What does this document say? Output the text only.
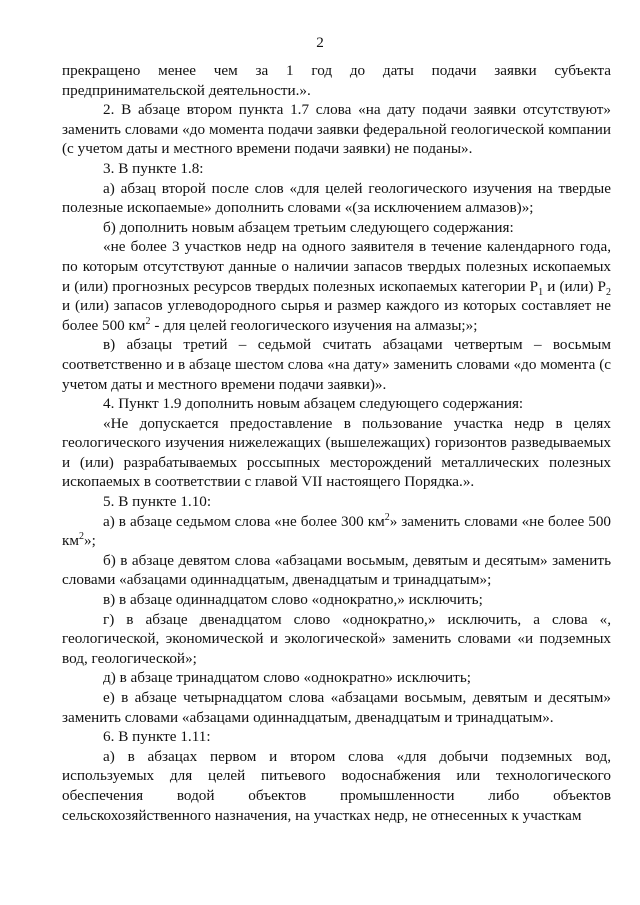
2

прекращено менее чем за 1 год до даты подачи заявки субъекта предпринимательской деятельности.».

2. В абзаце втором пункта 1.7 слова «на дату подачи заявки отсутствуют» заменить словами «до момента подачи заявки федеральной геологической компании (с учетом даты и местного времени подачи заявки) не поданы».

3. В пункте 1.8:

а) абзац второй после слов «для целей геологического изучения на твердые полезные ископаемые» дополнить словами «(за исключением алмазов)»;

б) дополнить новым абзацем третьим следующего содержания:

«не более 3 участков недр на одного заявителя в течение календарного года, по которым отсутствуют данные о наличии запасов твердых полезных ископаемых и (или) прогнозных ресурсов твердых полезных ископаемых категории $P_1$ и (или) $P_2$ и (или) запасов углеводородного сырья и размер каждого из которых составляет не более 500 $км^2$ - для целей геологического изучения на алмазы;»;

в) абзацы третий – седьмой считать абзацами четвертым – восьмым соответственно и в абзаце шестом слова «на дату» заменить словами «до момента (с учетом даты и местного времени подачи заявки)».

4. Пункт 1.9 дополнить новым абзацем следующего содержания:

«Не допускается предоставление в пользование участка недр в целях геологического изучения нижележащих (вышележащих) горизонтов разведываемых и (или) разрабатываемых россыпных месторождений металлических полезных ископаемых в соответствии с главой VII настоящего Порядка.».

5. В пункте 1.10:

а) в абзаце седьмом слова «не более 300 $км^2$» заменить словами «не более 500 $км^2$»;

б) в абзаце девятом слова «абзацами восьмым, девятым и десятым» заменить словами «абзацами одиннадцатым, двенадцатым и тринадцатым»;

в) в абзаце одиннадцатом слово «однократно,» исключить;

г) в абзаце двенадцатом слово «однократно,» исключить, а слова «, геологической, экономической и экологической» заменить словами «и подземных вод, геологической»;

д) в абзаце тринадцатом слово «однократно» исключить;

е) в абзаце четырнадцатом слова «абзацами восьмым, девятым и десятым» заменить словами «абзацами одиннадцатым, двенадцатым и тринадцатым».

6. В пункте 1.11:

а) в абзацах первом и втором слова «для добычи подземных вод, используемых для целей питьевого водоснабжения или технологического обеспечения водой объектов промышленности либо объектов сельскохозяйственного назначения, на участках недр, не отнесенных к участкам
